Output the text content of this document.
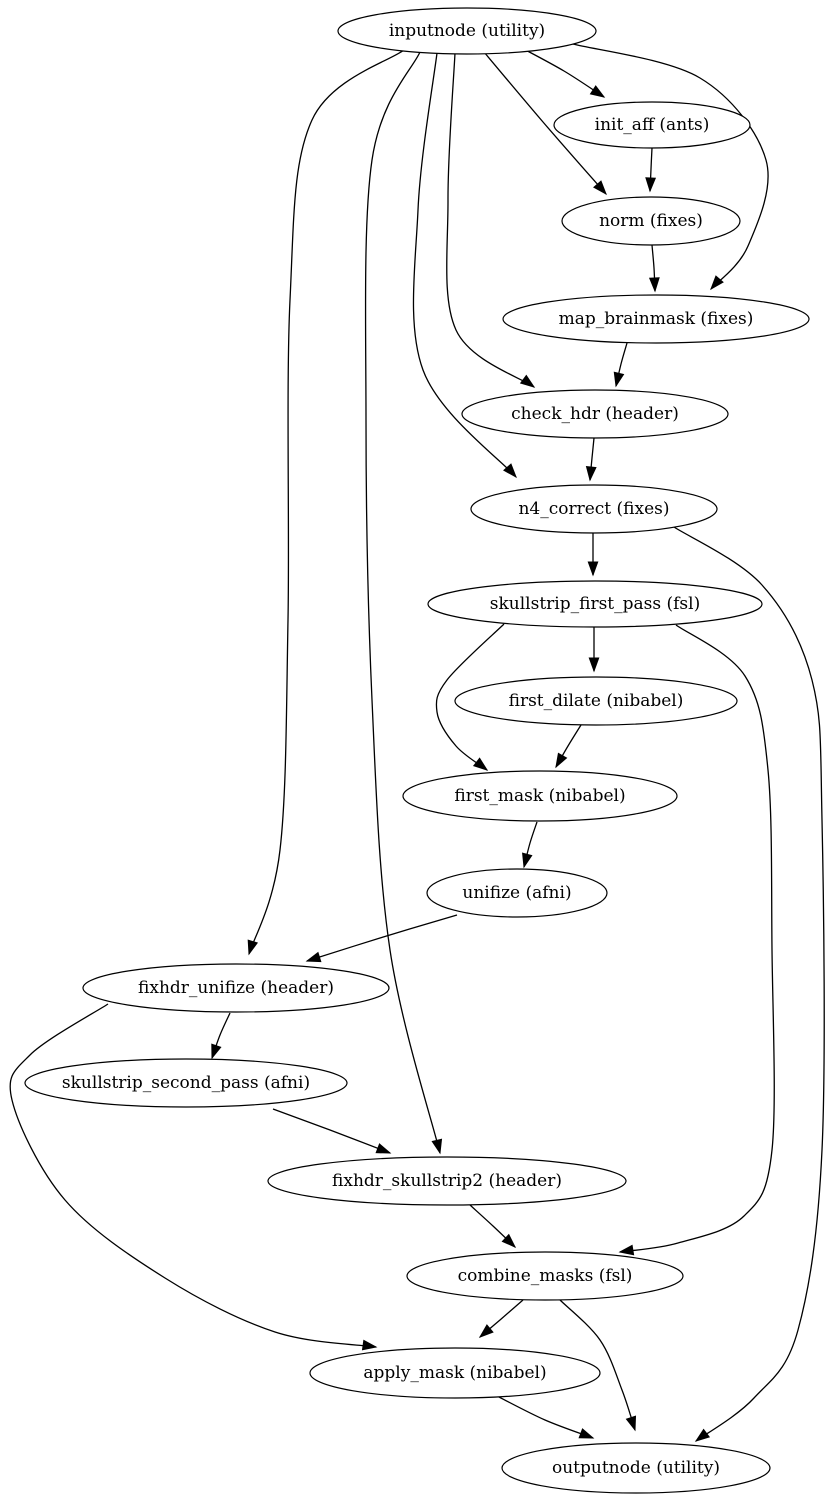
inputnode (utility)
init_aff (ants)
norm (fixes)
map_brainmask (fixes)
check_hdr (header)
n4_correct (fixes)
skullstrip_first_pass (fsl)
first_dilate (nibabel)
first_mask (nibabel)
unifize (afni)
fixhdr_unifize (header)
skullstrip_second_pass (afni)
fixhdr_skullstrip2 (header)
combine_masks (fsl)
apply_mask (nibabel)
outputnode (utility)
